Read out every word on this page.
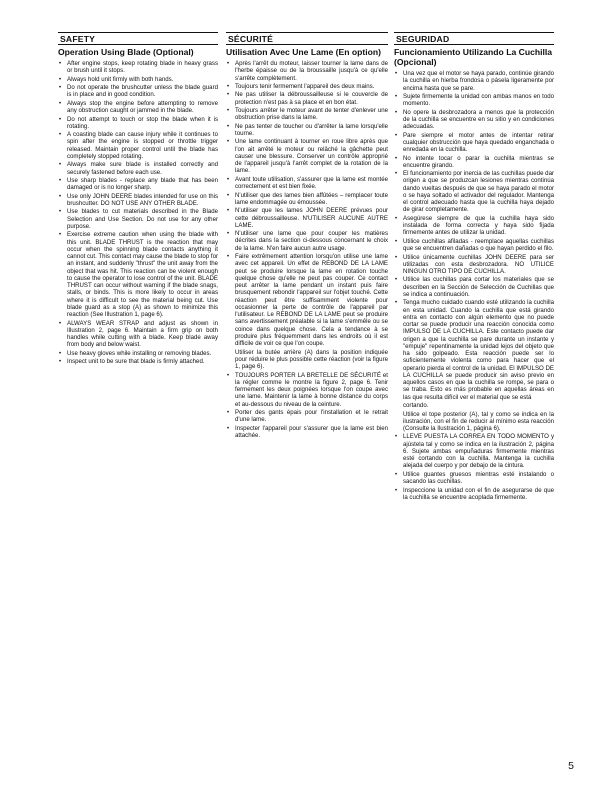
SAFETY
Operation Using Blade (Optional)
• After engine stops, keep rotating blade in heavy grass or brush until it stops.
• Always hold unit firmly with both hands.
• Do not operate the brushcutter unless the blade guard is in place and in good condition.
• Always stop the engine before attempting to remove any obstruction caught or jammed in the blade.
• Do not attempt to touch or stop the blade when it is rotating.
• A coasting blade can cause injury while it continues to spin after the engine is stopped or throttle trigger released. Maintain proper control until the blade has completely stopped rotating.
• Always make sure blade is installed correctly and securely fastened before each use.
• Use sharp blades - replace any blade that has been damaged or is no longer sharp.
• Use only JOHN DEERE blades intended for use on this brushcutter. DO NOT USE ANY OTHER BLADE.
• Use blades to cut materials described in the Blade Selection and Use Section. Do not use for any other purpose.
• Exercise extreme caution when using the blade with this unit. BLADE THRUST is the reaction that may occur when the spinning blade contacts anything it cannot cut. This contact may cause the blade to stop for an instant, and suddenly "thrust" the unit away from the object that was hit. This reaction can be violent enough to cause the operator to lose control of the unit. BLADE THRUST can occur without warning if the blade snags, stalls, or binds. This is more likely to occur in areas where it is difficult to see the material being cut. Use blade guard as a stop (A) as shown to minimize this reaction (See Illustration 1, page 6).
• ALWAYS WEAR STRAP and adjust as shown in Illustration 2, page 6. Maintain a firm grip on both handles while cutting with a blade. Keep blade away from body and below waist.
• Use heavy gloves while installing or removing blades.
• Inspect unit to be sure that blade is firmly attached.
SÉCURITÉ
Utilisation Avec Une Lame (En option)
• Après l'arrêt du moteur, laisser tourner la lame dans de l'herbe épaisse ou de la broussaille jusqu'à ce qu'elle s'arrête complètement.
• Toujours tenir fermement l'appareil des deux mains.
• Ne pas utiliser la débroussailleuse si le couvercle de protection n'est pas à sa place et en bon état.
• Toujours arrêter le moteur avant de tenter d'enlever une obstruction prise dans la lame.
• Ne pas tenter de toucher ou d'arrêter la lame lorsqu'elle tourne.
• Une lame continuant à tourner en roue libre après que l'on ait arrêté le moteur ou relâché la gâchette peut causer une blessure. Conserver un contrôle approprié de l'appareil jusqu'à l'arrêt complet de la rotation de la lame.
• Avant toute utilisation, s'assurer que la lame est montée correctement et est bien fixée.
• N'utiliser que des lames bien affûtées – remplacer toute lame endommagée ou émoussée.
• N'utiliser que les lames JOHN DEERE prévues pour cette débroussailleuse. N'UTILISER AUCUNE AUTRE LAME.
• N'utiliser une lame que pour couper les matières décrites dans la section ci-dessous concernant le choix de la lame. N'en faire aucun autre usage.
• Faire extrêmement attention lorsqu'on utilise une lame avec cet appareil. Un effet de REBOND DE LA LAME peut se produire lorsque la lame en rotation touche quelque chose qu'elle ne peut pas couper. Ce contact peut arrêter la lame pendant un instant puis faire brusquement rebondir l'appareil sur l'objet touché. Cette réaction peut être suffisamment violente pour occasionner la perte de contrôle de l'appareil par l'utilisateur. Le REBOND DE LA LAME peut se produire sans avertissement préalable si la lame s'emmêle ou se coince dans quelque chose. Cela a tendance à se produire plus fréquemment dans les endroits où il est difficile de voir ce que l'on coupe.

Utiliser la butée arrière (A) dans la position indiquée pour réduire le plus possible cette réaction (voir la figure 1, page 6).

• TOUJOURS PORTER LA BRETELLE DE SÉCURITÉ et la régler comme le montre la figure 2, page 6. Tenir fermement les deux poignées lorsque l'on coupe avec une lame. Maintenir la lame à bonne distance du corps et au-dessous du niveau de la ceinture.
• Porter des gants épais pour l'installation et le retrait d'une lame.
• Inspecter l'appareil pour s'assurer que la lame est bien attachée.
SEGURIDAD
Funcionamiento Utilizando La Cuchilla (Opcional)
• Una vez que el motor se haya parado, continúe girando la cuchilla en hierba frondosa o pásela ligeramente por encima hasta que se pare.
• Sujete firmemente la unidad con ambas manos en todo momento.
• No opere la desbrozadora a menos que la protección de la cuchilla se encuentre en su sitio y en condiciones adecuadas.
• Pare siempre el motor antes de intentar retirar cualquier obstrucción que haya quedado enganchada o enredada en la cuchilla.
• No intente tocar o parar la cuchilla mientras se encuentre girando.
• El funcionamiento por inercia de las cuchillas puede dar origen a que se produzcan lesiones mientras continúa dando vueltas después de que se haya parado el motor o se haya soltado el activador del regulador. Mantenga el control adecuado hasta que la cuchilla haya dejado de girar completamente.
• Asegúrese siempre de que la cuchilla haya sido instalada de forma correcta y haya sido fijada firmemente antes de utilizar la unidad.
• Utilice cuchillas afiladas - reemplace aquellas cuchillas que se encuentren dañadas o que hayan perdido el filo.
• Utilice únicamente cuchillas JOHN DEERE para ser utilizadas con esta desbrozadora. NO UTILICE NINGUN OTRO TIPO DE CUCHILLA.
• Utilice las cuchillas para cortar los materiales que se describen en la Sección de Selección de Cuchillas que se indica a continuación.
• Tenga mucho cuidado cuando esté utilizando la cuchilla en esta unidad. Cuando la cuchilla que está girando entra en contacto con algún elemento que no puede cortar se puede producir una reacción conocida como IMPULSO DE LA CUCHILLA. Este contacto puede dar origen a que la cuchilla se pare durante un instante y "empuje" repentinamente la unidad lejos del objeto que ha sido golpeado. Esta reacción puede ser lo suficientemente violenta como para hacer que el operario pierda el control de la unidad. El IMPULSO DE LA CUCHILLA se puede producir sin aviso previo en aquellos casos en que la cuchilla se rompe, se para o se traba. Esto es más probable en aquellas áreas en las que resulta difícil ver el material que se está

cortando.

Utilice el tope posterior (A), tal y como se indica en la ilustración, con el fin de reducir al mínimo esta reacción (Consulte la Ilustración 1, página 6).

• LLEVE PUESTA LA CORREA EN TODO MOMENTO y ajústela tal y como se indica en la ilustración 2, página 6. Sujete ambas empuñaduras firmemente mientras esté cortando con la cuchilla. Mantenga la cuchilla alejada del cuerpo y por debajo de la cintura.
• Utilice guantes gruesos mientras esté instalando o sacando las cuchillas.
• Inspeccione la unidad con el fin de asegurarse de que la cuchilla se encuentre acoplada firmemente.
5
